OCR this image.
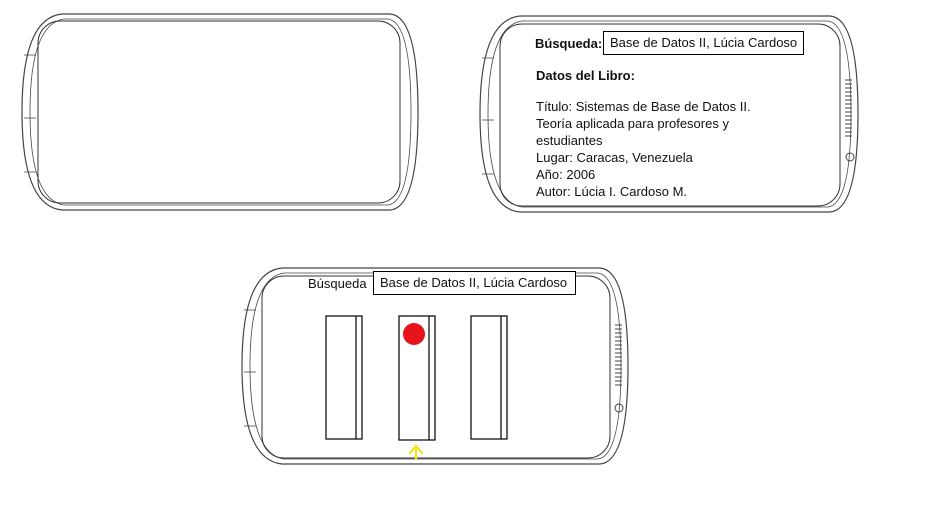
Búsqueda: Base de Datos II, Lúcia Cardoso
Datos del Libro:
Título: Sistemas de Base de Datos II.
Teoría aplicada para profesores y
estudiantes
Lugar: Caracas, Venezuela
Año: 2006
Autor: Lúcia I. Cardoso M.
Búsqueda	Base de Datos II, Lúcia Cardoso
